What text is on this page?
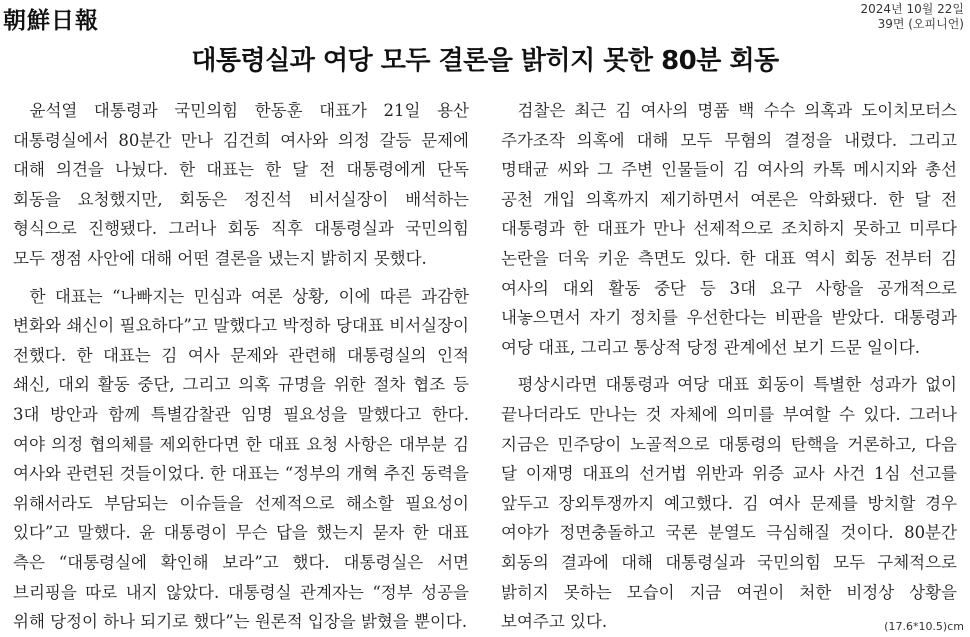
朝鮮日報	2024년 10월 22일
39면 (오피니언)
대통령실과 여당 모두 결론을 밝히지 못한 80분 회동

윤석열 대통령과 국민의힘 한동훈 대표가 21일 용산 대통령실에서 80분간 만나 김건희 여사와 의정 갈등 문제에 대해 의견을 나눴다. 한 대표는 한 달 전 대통령에게 단독 회동을 요청했지만, 회동은 정진석 비서실장이 배석하는 형식으로 진행됐다. 그러나 회동 직후 대통령실과 국민의힘 모두 쟁점 사안에 대해 어떤 결론을 냈는지 밝히지 못했다.

한 대표는 “나빠지는 민심과 여론 상황, 이에 따른 과감한 변화와 쇄신이 필요하다”고 말했다고 박정하 당대표 비서실장이 전했다. 한 대표는 김 여사 문제와 관련해 대통령실의 인적 쇄신, 대외 활동 중단, 그리고 의혹 규명을 위한 절차 협조 등 3대 방안과 함께 특별감찰관 임명 필요성을 말했다고 한다. 여야 의정 협의체를 제외한다면 한 대표 요청 사항은 대부분 김 여사와 관련된 것들이었다. 한 대표는 “정부의 개혁 추진 동력을 위해서라도 부담되는 이슈들을 선제적으로 해소할 필요성이 있다”고 말했다. 윤 대통령이 무슨 답을 했는지 묻자 한 대표 측은 “대통령실에 확인해 보라”고 했다. 대통령실은 서면 브리핑을 따로 내지 않았다. 대통령실 관계자는 “정부 성공을 위해 당정이 하나 되기로 했다”는 원론적 입장을 밝혔을 뿐이다.

검찰은 최근 김 여사의 명품 백 수수 의혹과 도이치모터스 주가조작 의혹에 대해 모두 무혐의 결정을 내렸다. 그리고 명태균 씨와 그 주변 인물들이 김 여사의 카톡 메시지와 총선 공천 개입 의혹까지 제기하면서 여론은 악화됐다. 한 달 전 대통령과 한 대표가 만나 선제적으로 조치하지 못하고 미루다 논란을 더욱 키운 측면도 있다. 한 대표 역시 회동 전부터 김 여사의 대외 활동 중단 등 3대 요구 사항을 공개적으로 내놓으면서 자기 정치를 우선한다는 비판을 받았다. 대통령과 여당 대표, 그리고 통상적 당정 관계에선 보기 드문 일이다.

평상시라면 대통령과 여당 대표 회동이 특별한 성과가 없이 끝나더라도 만나는 것 자체에 의미를 부여할 수 있다. 그러나 지금은 민주당이 노골적으로 대통령의 탄핵을 거론하고, 다음 달 이재명 대표의 선거법 위반과 위증 교사 사건 1심 선고를 앞두고 장외투쟁까지 예고했다. 김 여사 문제를 방치할 경우 여야가 정면충돌하고 국론 분열도 극심해질 것이다. 80분간 회동의 결과에 대해 대통령실과 국민의힘 모두 구체적으로 밝히지 못하는 모습이 지금 여권이 처한 비정상 상황을 보여주고 있다.	(17.6*10.5)cm
